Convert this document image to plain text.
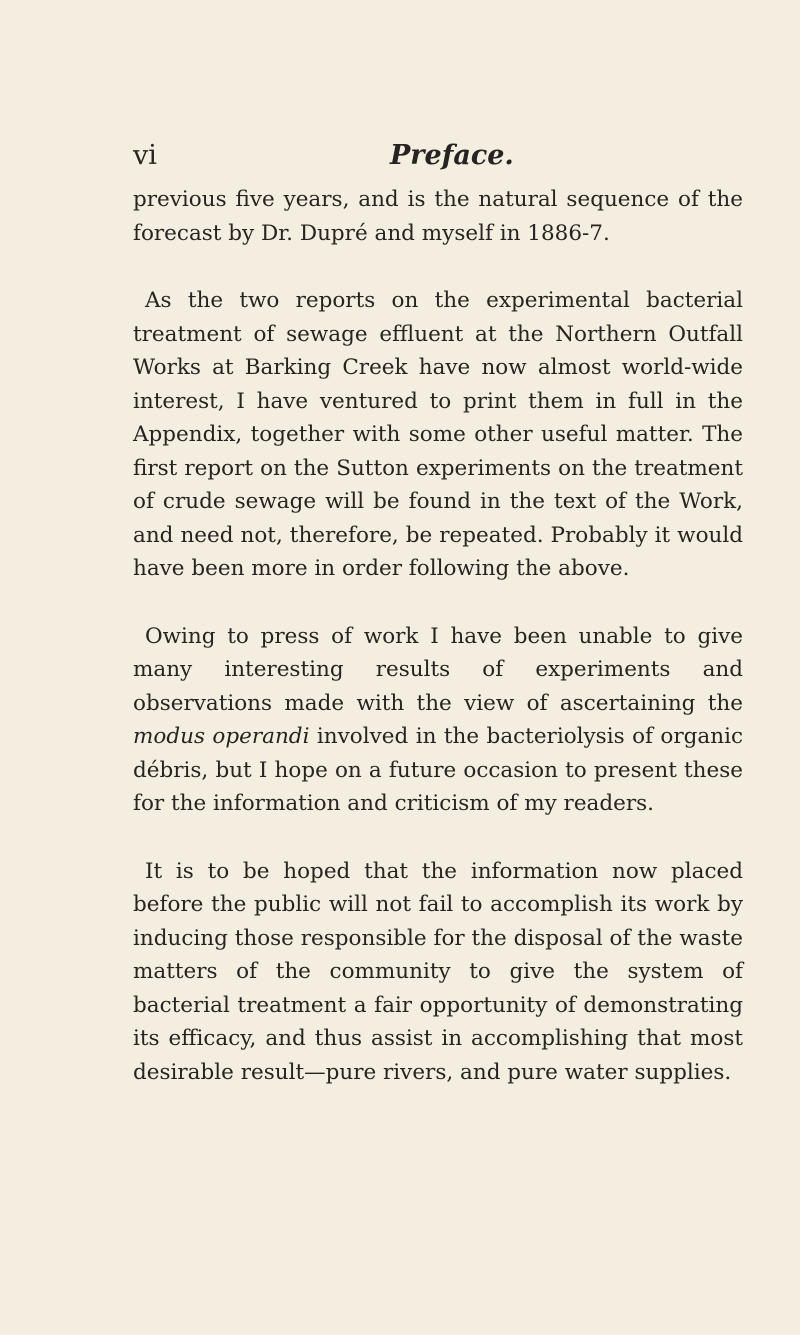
vi	Preface.

previous five years, and is the natural sequence of the forecast by Dr. Dupré and myself in 1886-7.

As the two reports on the experimental bacterial treatment of sewage effluent at the Northern Outfall Works at Barking Creek have now almost world-wide interest, I have ventured to print them in full in the Appendix, together with some other useful matter. The first report on the Sutton experiments on the treatment of crude sewage will be found in the text of the Work, and need not, therefore, be repeated. Probably it would have been more in order following the above.

Owing to press of work I have been unable to give many interesting results of experiments and observations made with the view of ascertaining the modus operandi involved in the bacteriolysis of organic débris, but I hope on a future occasion to present these for the information and criticism of my readers.

It is to be hoped that the information now placed before the public will not fail to accomplish its work by inducing those responsible for the disposal of the waste matters of the community to give the system of bacterial treatment a fair opportunity of demonstrating its efficacy, and thus assist in accomplishing that most desirable result—pure rivers, and pure water supplies.
